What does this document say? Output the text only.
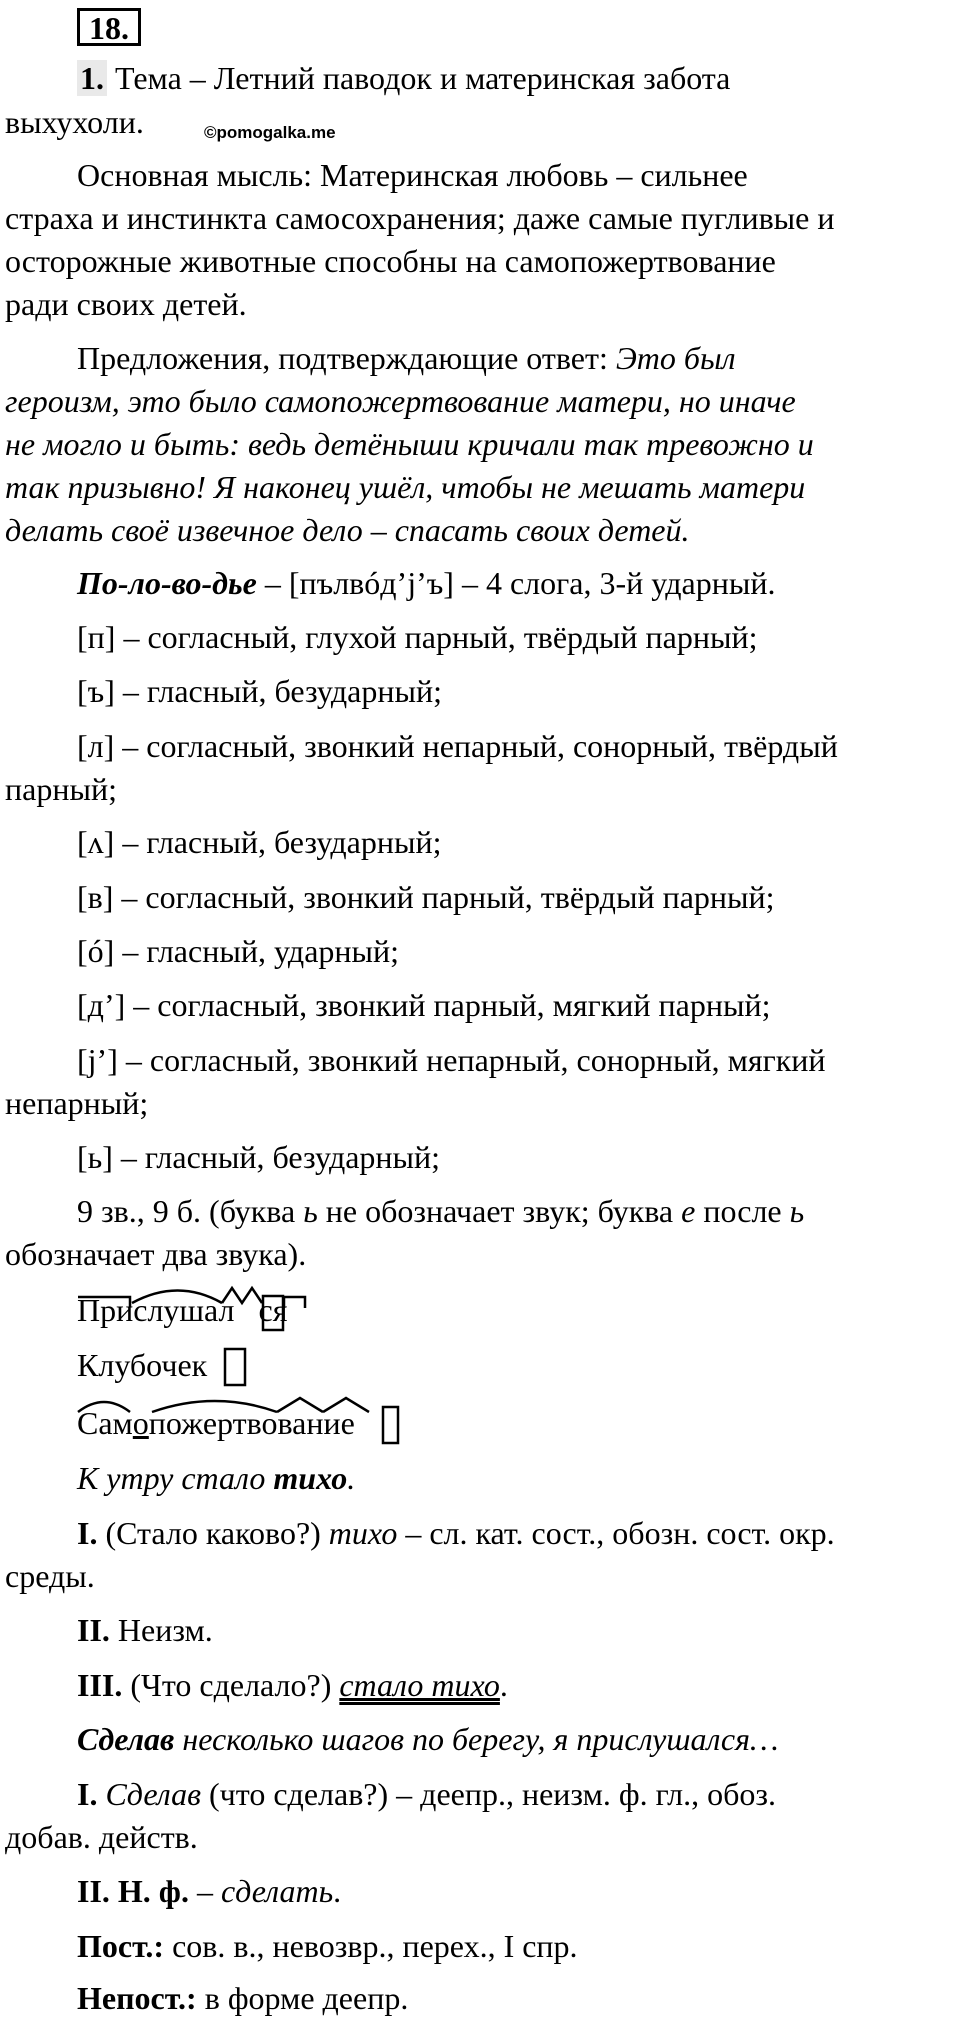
18.
1. Тема – Летний паводок и материнская забота
выхухоли.	©pomogalka.me
Основная мысль: Материнская любовь – сильнее
страха и инстинкта самосохранения; даже самые пугливые и
осторожные животные способны на самопожертвование
ради своих детей.
Предложения, подтверждающие ответ: Это был
героизм, это было самопожертвование матери, но иначе
не могло и быть: ведь детёныши кричали так тревожно и
так призывно! Я наконец ушёл, чтобы не мешать матери
делать своё извечное дело – спасать своих детей.
По-ло-во-дье – [пълвóд’j’ъ] – 4 слога, 3-й ударный.
[п] – согласный, глухой парный, твёрдый парный;
[ъ] – гласный, безударный;
[л] – согласный, звонкий непарный, сонорный, твёрдый
парный;
[ʌ] – гласный, безударный;
[в] – согласный, звонкий парный, твёрдый парный;
[ó] – гласный, ударный;
[д’] – согласный, звонкий парный, мягкий парный;
[j’] – согласный, звонкий непарный, сонорный, мягкий
непарный;
[ь] – гласный, безударный;
9 зв., 9 б. (буква ь не обозначает звук; буква е после ь
обозначает два звука).
Прислушал ся
Клубочек
Самопожертвование
К утру стало тихо.
I. (Стало каково?) тихо – сл. кат. сост., обозн. сост. окр.
среды.
II. Неизм.
III. (Что сделало?) стало тихо.
Сделав несколько шагов по берегу, я прислушался…
I. Сделав (что сделав?) – деепр., неизм. ф. гл., обоз.
добав. действ.
II. Н. ф. – сделать.
Пост.: сов. в., невозвр., перех., I спр.
Непост.: в форме деепр.
